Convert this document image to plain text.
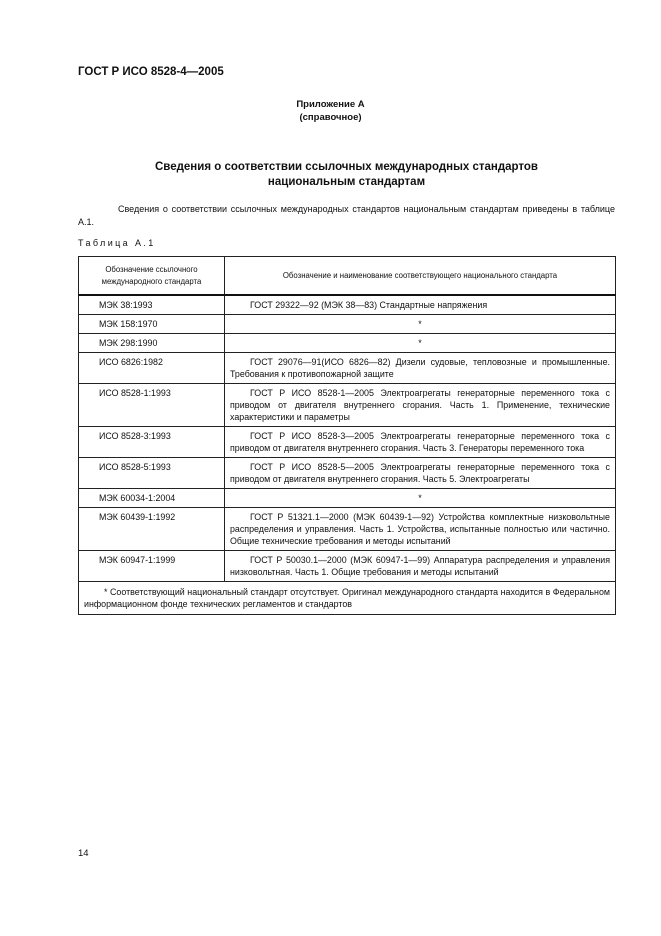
ГОСТ Р ИСО 8528-4—2005
Приложение А
(справочное)
Сведения о соответствии ссылочных международных стандартов
национальным стандартам
Сведения о соответствии ссылочных международных стандартов национальным стандартам приведены в таблице А.1.
Таблица А.1
Обозначение ссылочного международного стандарта	Обозначение и наименование соответствующего национального стандарта
МЭК 38:1993	ГОСТ 29322—92 (МЭК 38—83) Стандартные напряжения
МЭК 158:1970	*
МЭК 298:1990	*
ИСО 6826:1982	ГОСТ 29076—91(ИСО 6826—82) Дизели судовые, тепловозные и промышленные. Требования к противопожарной защите
ИСО 8528-1:1993	ГОСТ Р ИСО 8528-1—2005 Электроагрегаты генераторные переменного тока с приводом от двигателя внутреннего сгорания. Часть 1. Применение, технические характеристики и параметры
ИСО 8528-3:1993	ГОСТ Р ИСО 8528-3—2005 Электроагрегаты генераторные переменного тока с приводом от двигателя внутреннего сгорания. Часть 3. Генераторы переменного тока
ИСО 8528-5:1993	ГОСТ Р ИСО 8528-5—2005 Электроагрегаты генераторные переменного тока с приводом от двигателя внутреннего сгорания. Часть 5. Электроагрегаты
МЭК 60034-1:2004	*
МЭК 60439-1:1992	ГОСТ Р 51321.1—2000 (МЭК 60439-1—92) Устройства комплектные низковольтные распределения и управления. Часть 1. Устройства, испытанные полностью или частично. Общие технические требования и методы испытаний
МЭК 60947-1:1999	ГОСТ Р 50030.1—2000 (МЭК 60947-1—99) Аппаратура распределения и управления низковольтная. Часть 1. Общие требования и методы испытаний
* Соответствующий национальный стандарт отсутствует. Оригинал международного стандарта находится в Федеральном информационном фонде технических регламентов и стандартов	
14
